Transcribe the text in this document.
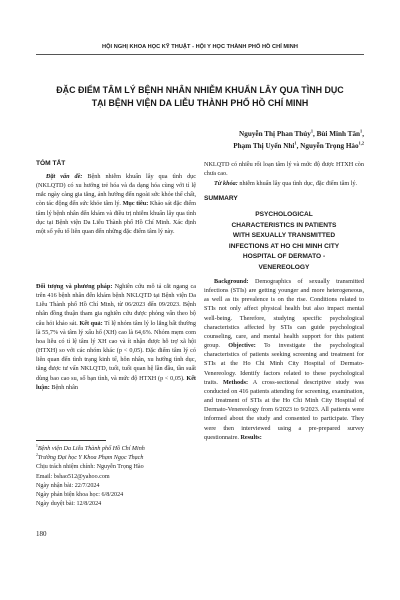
HỘI NGHỊ KHOA HỌC KỸ THUẬT - HỘI Y HỌC THÀNH PHỐ HỒ CHÍ MINH
ĐẶC ĐIỂM TÂM LÝ BỆNH NHÂN NHIỄM KHUẨN LÂY QUA TÌNH DỤC
TẠI BỆNH VIỆN DA LIỄU THÀNH PHỐ HỒ CHÍ MINH
Nguyễn Thị Phan Thúy$^1$, Bùi Minh Tân$^1$,
Phạm Thị Uyển Nhi$^1$, Nguyễn Trọng Hào$^{1,2}$
TÓM TẮT

Đặt vấn đề: Bệnh nhiễm khuẩn lây qua tình dục (NKLQTD) có xu hướng trẻ hóa và đa dạng hóa cùng với tỉ lệ mắc ngày càng gia tăng, ảnh hưởng đến ngoài sức khỏe thể chất, còn tác động đến sức khỏe tâm lý. Mục tiêu: Khảo sát đặc điểm tâm lý bệnh nhân đến khám và điều trị nhiễm khuẩn lây qua tình dục tại Bệnh viện Da Liễu Thành phố Hồ Chí Minh. Xác định một số yếu tố liên quan đến những đặc điểm tâm lý này.

Đối tượng và phương pháp: Nghiên cứu mô tả cắt ngang ca trên 416 bệnh nhân đến khám bệnh NKLQTD tại Bệnh viện Da Liễu Thành phố Hồ Chí Minh, từ 06/2023 đến 09/2023. Bệnh nhân đồng thuận tham gia nghiên cứu được phỏng vấn theo bộ câu hỏi khảo sát. Kết quả: Tỉ lệ nhóm tâm lý lo lắng bất thường là 55,7% và tâm lý xấu hổ (XH) cao là 64,6%. Nhóm mẹm com hoa liễu có tỉ lệ tâm lý XH cao và ít nhận được hỗ trợ xã hội (HTXH) so với các nhóm khác (p < 0,05). Đặc điểm tâm lý có liên quan đến tình trạng kinh tế, hôn nhân, xu hướng tình dục, tăng được tư vấn NKLQTD, tuổi, tuổi quan hệ lần đầu, tần suất dùng bao cao su, số bạn tình, và mức độ HTXH (p < 0,05). Kết luận: Bệnh nhân

NKLQTD có nhiều rối loạn tâm lý và mức độ được HTXH còn chưa cao.

Từ khóa: nhiễm khuẩn lây qua tình dục, đặc điểm tâm lý.

SUMMARY
PSYCHOLOGICAL
CHARACTERISTICS IN PATIENTS
WITH SEXUALLY TRANSMITTED
INFECTIONS AT HO CHI MINH CITY
HOSPITAL OF DERMATO -
VENEREOLOGY

Background: Demographics of sexually transmitted infections (STIs) are getting younger and more heterogeneous, as well as its prevalence is on the rise. Conditions related to STIs not only affect physical health but also impact mental well-being. Therefore, studying specific psychological characteristics affected by STIs can guide psychological counseling, care, and mental health support for this patient group. Objective: To investigate the psychological characteristics of patients seeking screening and treatment for STIs at the Ho Chi Minh City Hospital of Dermato-Venereology. Identify factors related to these psychological traits. Methods: A cross-sectional descriptive study was conducted on 416 patients attending for screening, examination, and treatment of STIs at the Ho Chi Minh City Hospital of Dermato-Venereology from 6/2023 to 9/2023. All patients were informed about the study and consented to participate. They were then interviewed using a pre-prepared survey questionnaire. Results:

$^1$Bệnh viện Da Liễu Thành phố Hồ Chí Minh
$^2$Trường Đại học Y Khoa Phạm Ngọc Thạch
Chịu trách nhiệm chính: Nguyễn Trọng Hào
Email: bshao512@yahoo.com
Ngày nhận bài: 22/7/2024
Ngày phản biện khoa học: 6/8/2024
Ngày duyệt bài: 12/8/2024
180
